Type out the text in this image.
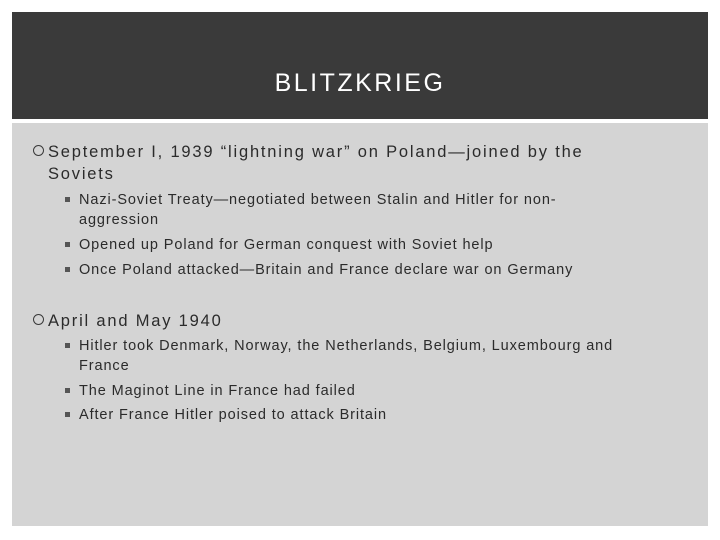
BLITZKRIEG
September I, 1939 “lightning war” on Poland—joined by the
Soviets
Nazi-Soviet Treaty—negotiated between Stalin and Hitler for non-
aggression
Opened up Poland for German conquest with Soviet help
Once Poland attacked—Britain and France declare war on Germany
April and May 1940
Hitler took Denmark, Norway, the Netherlands, Belgium, Luxembourg and
France
The Maginot Line in France had failed
After France Hitler poised to attack Britain
